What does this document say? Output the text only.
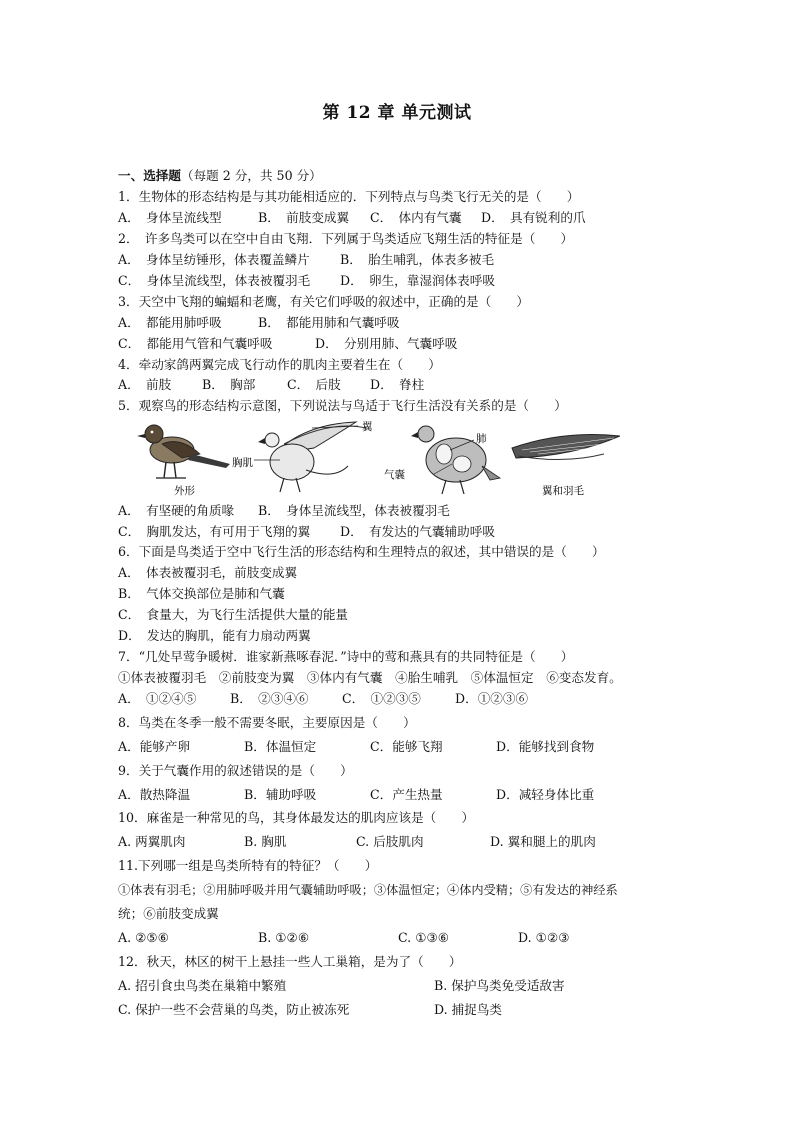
第 12 章 单元测试
一、选择题（每题 2 分，共 50 分）
1．生物体的形态结构是与其功能相适应的．下列特点与鸟类飞行无关的是（　　）
A．　身体呈流线型	B．　前肢变成翼 C．　体内有气囊 D．　具有锐利的爪
2．　许多鸟类可以在空中自由飞翔．下列属于鸟类适应飞翔生活的特征是（　　）
A．　身体呈纺锤形，体表覆盖鳞片 B．　胎生哺乳，体表多被毛
C．　身体呈流线型，体表被覆羽毛 D．　卵生，靠湿润体表呼吸
3．天空中飞翔的蝙蝠和老鹰，有关它们呼吸的叙述中，正确的是（　　）
A．　都能用肺呼吸	B．　都能用肺和气囊呼吸
C．　都能用气管和气囊呼吸	D．　分别用肺、气囊呼吸
4．牵动家鸽两翼完成飞行动作的肌肉主要着生在（　　）
A．　前肢 B．　胸部	C．　后肢 D．　脊柱
5．观察鸟的形态结构示意图，下列说法与鸟适于飞行生活没有关系的是（　　）
外形
翼
胸肌
肺
气囊
翼和羽毛
A．　有坚硬的角质喙 B．　身体呈流线型，体表被覆羽毛
C．　胸肌发达，有可用于飞翔的翼 D．　有发达的气囊辅助呼吸
6．下面是鸟类适于空中飞行生活的形态结构和生理特点的叙述，其中错误的是（　　）
A．　体表被覆羽毛，前肢变成翼
B．　气体交换部位是肺和气囊
C．　食量大，为飞行生活提供大量的能量
D．　发达的胸肌，能有力扇动两翼
7．“几处早莺争暖树．谁家新燕啄春泥．”诗中的莺和燕具有的共同特征是（　　）
①体表被覆羽毛　②前肢变为翼　③体内有气囊　④胎生哺乳　⑤体温恒定　⑥变态发育。
A．　①②④⑤	B．　②③④⑥	C．　①②③⑤	D．①②③⑥
8．鸟类在冬季一般不需要冬眠，主要原因是（　　）
A．能够产卵	B．体温恒定	C．能够飞翔	D．能够找到食物
9．关于气囊作用的叙述错误的是（　　）
A．散热降温	B．辅助呼吸	C．产生热量	D．减轻身体比重
10．麻雀是一种常见的鸟，其身体最发达的肌肉应该是（　　）
A. 两翼肌肉	B. 胸肌	C. 后肢肌肉	D. 翼和腿上的肌肉
11.下列哪一组是鸟类所特有的特征？（　　）
①体表有羽毛；②用肺呼吸并用气囊辅助呼吸；③体温恒定；④体内受精；⑤有发达的神经系
统；⑥前肢变成翼
A. ②⑤⑥	B. ①②⑥	C. ①③⑥	D. ①②③
12．秋天，林区的树干上悬挂一些人工巢箱，是为了（　　）
A. 招引食虫鸟类在巢箱中繁殖	B. 保护鸟类免受适敌害
C. 保护一些不会营巢的鸟类，防止被冻死	D. 捕捉鸟类
